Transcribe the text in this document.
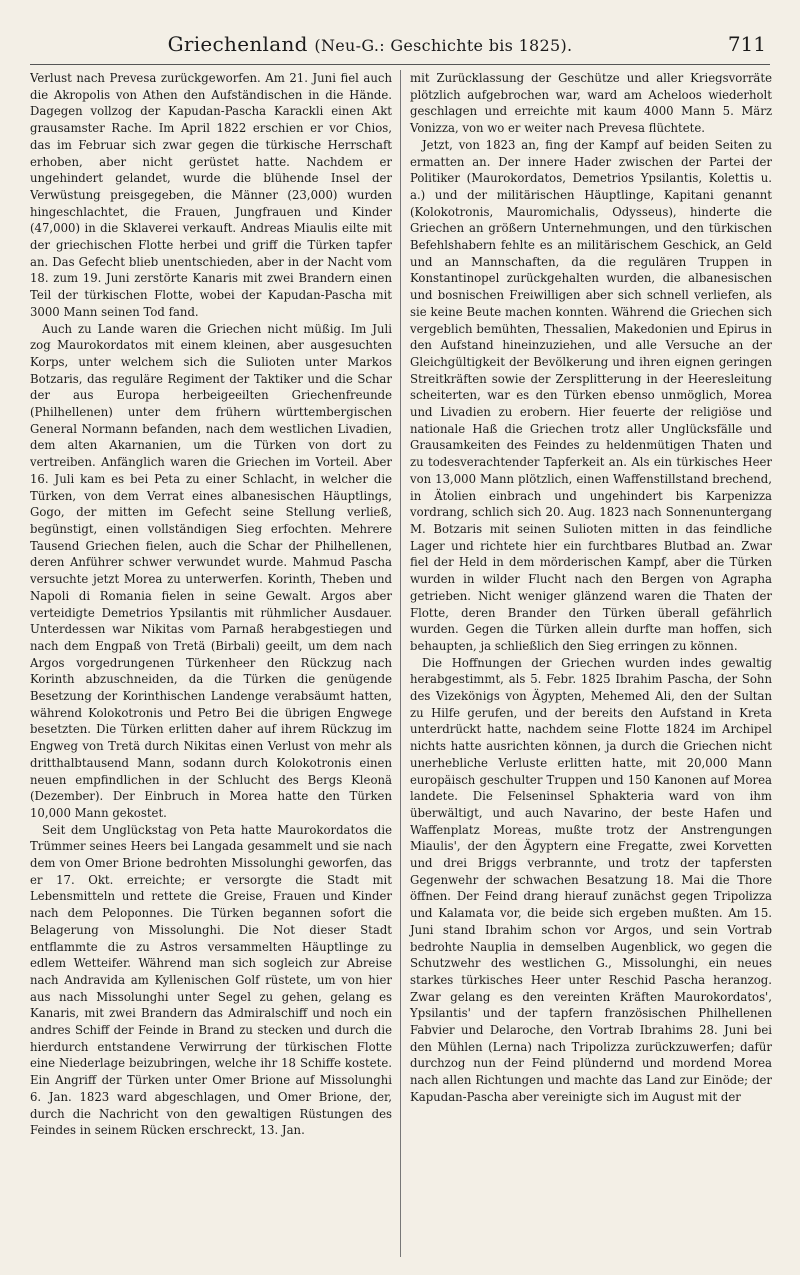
Griechenland (Neu-G.: Geschichte bis 1825).	711

Verlust nach Prevesa zurückgeworfen. Am 21. Juni fiel auch die Akropolis von Athen den Aufständischen in die Hände. Dagegen vollzog der Kapudan-Pascha Karackli einen Akt grausamster Rache. Im April 1822 erschien er vor Chios, das im Februar sich zwar gegen die türkische Herrschaft erhoben, aber nicht gerüstet hatte. Nachdem er ungehindert gelandet, wurde die blühende Insel der Verwüstung preisgegeben, die Männer (23,000) wurden hingeschlachtet, die Frauen, Jungfrauen und Kinder (47,000) in die Sklaverei verkauft. Andreas Miaulis eilte mit der griechischen Flotte herbei und griff die Türken tapfer an. Das Gefecht blieb unentschieden, aber in der Nacht vom 18. zum 19. Juni zerstörte Kanaris mit zwei Brandern einen Teil der türkischen Flotte, wobei der Kapudan-Pascha mit 3000 Mann seinen Tod fand.

Auch zu Lande waren die Griechen nicht müßig. Im Juli zog Maurokordatos mit einem kleinen, aber ausgesuchten Korps, unter welchem sich die Sulioten unter Markos Botzaris, das reguläre Regiment der Taktiker und die Schar der aus Europa herbeigeeilten Griechenfreunde (Philhellenen) unter dem frühern württembergischen General Normann befanden, nach dem westlichen Livadien, dem alten Akarnanien, um die Türken von dort zu vertreiben. Anfänglich waren die Griechen im Vorteil. Aber 16. Juli kam es bei Peta zu einer Schlacht, in welcher die Türken, von dem Verrat eines albanesischen Häuptlings, Gogo, der mitten im Gefecht seine Stellung verließ, begünstigt, einen vollständigen Sieg erfochten. Mehrere Tausend Griechen fielen, auch die Schar der Philhellenen, deren Anführer schwer verwundet wurde. Mahmud Pascha versuchte jetzt Morea zu unterwerfen. Korinth, Theben und Napoli di Romania fielen in seine Gewalt. Argos aber verteidigte Demetrios Ypsilantis mit rühmlicher Ausdauer. Unterdessen war Nikitas vom Parnaß herabgestiegen und nach dem Engpaß von Tretä (Birbali) geeilt, um dem nach Argos vorgedrungenen Türkenheer den Rückzug nach Korinth abzuschneiden, da die Türken die genügende Besetzung der Korinthischen Landenge verabsäumt hatten, während Kolokotronis und Petro Bei die übrigen Engwege besetzten. Die Türken erlitten daher auf ihrem Rückzug im Engweg von Tretä durch Nikitas einen Verlust von mehr als dritthalbtausend Mann, sodann durch Kolokotronis einen neuen empfindlichen in der Schlucht des Bergs Kleonä (Dezember). Der Einbruch in Morea hatte den Türken 10,000 Mann gekostet.

Seit dem Unglückstag von Peta hatte Maurokordatos die Trümmer seines Heers bei Langada gesammelt und sie nach dem von Omer Brione bedrohten Missolunghi geworfen, das er 17. Okt. erreichte; er versorgte die Stadt mit Lebensmitteln und rettete die Greise, Frauen und Kinder nach dem Peloponnes. Die Türken begannen sofort die Belagerung von Missolunghi. Die Not dieser Stadt entflammte die zu Astros versammelten Häuptlinge zu edlem Wetteifer. Während man sich sogleich zur Abreise nach Andravida am Kyllenischen Golf rüstete, um von hier aus nach Missolunghi unter Segel zu gehen, gelang es Kanaris, mit zwei Brandern das Admiralschiff und noch ein andres Schiff der Feinde in Brand zu stecken und durch die hierdurch entstandene Verwirrung der türkischen Flotte eine Niederlage beizubringen, welche ihr 18 Schiffe kostete. Ein Angriff der Türken unter Omer Brione auf Missolunghi 6. Jan. 1823 ward abgeschlagen, und Omer Brione, der, durch die Nachricht von den gewaltigen Rüstungen des Feindes in seinem Rücken erschreckt, 13. Jan.

mit Zurücklassung der Geschütze und aller Kriegsvorräte plötzlich aufgebrochen war, ward am Acheloos wiederholt geschlagen und erreichte mit kaum 4000 Mann 5. März Vonizza, von wo er weiter nach Prevesa flüchtete.

Jetzt, von 1823 an, fing der Kampf auf beiden Seiten zu ermatten an. Der innere Hader zwischen der Partei der Politiker (Maurokordatos, Demetrios Ypsilantis, Kolettis u. a.) und der militärischen Häuptlinge, Kapitani genannt (Kolokotronis, Mauromichalis, Odysseus), hinderte die Griechen an größern Unternehmungen, und den türkischen Befehlshabern fehlte es an militärischem Geschick, an Geld und an Mannschaften, da die regulären Truppen in Konstantinopel zurückgehalten wurden, die albanesischen und bosnischen Freiwilligen aber sich schnell verliefen, als sie keine Beute machen konnten. Während die Griechen sich vergeblich bemühten, Thessalien, Makedonien und Epirus in den Aufstand hineinzuziehen, und alle Versuche an der Gleichgültigkeit der Bevölkerung und ihren eignen geringen Streitkräften sowie der Zersplitterung in der Heeresleitung scheiterten, war es den Türken ebenso unmöglich, Morea und Livadien zu erobern. Hier feuerte der religiöse und nationale Haß die Griechen trotz aller Unglücksfälle und Grausamkeiten des Feindes zu heldenmütigen Thaten und zu todesverachtender Tapferkeit an. Als ein türkisches Heer von 13,000 Mann plötzlich, einen Waffenstillstand brechend, in Ätolien einbrach und ungehindert bis Karpenizza vordrang, schlich sich 20. Aug. 1823 nach Sonnenuntergang M. Botzaris mit seinen Sulioten mitten in das feindliche Lager und richtete hier ein furchtbares Blutbad an. Zwar fiel der Held in dem mörderischen Kampf, aber die Türken wurden in wilder Flucht nach den Bergen von Agrapha getrieben. Nicht weniger glänzend waren die Thaten der Flotte, deren Brander den Türken überall gefährlich wurden. Gegen die Türken allein durfte man hoffen, sich behaupten, ja schließlich den Sieg erringen zu können.

Die Hoffnungen der Griechen wurden indes gewaltig herabgestimmt, als 5. Febr. 1825 Ibrahim Pascha, der Sohn des Vizekönigs von Ägypten, Mehemed Ali, den der Sultan zu Hilfe gerufen, und der bereits den Aufstand in Kreta unterdrückt hatte, nachdem seine Flotte 1824 im Archipel nichts hatte ausrichten können, ja durch die Griechen nicht unerhebliche Verluste erlitten hatte, mit 20,000 Mann europäisch geschulter Truppen und 150 Kanonen auf Morea landete. Die Felseninsel Sphakteria ward von ihm überwältigt, und auch Navarino, der beste Hafen und Waffenplatz Moreas, mußte trotz der Anstrengungen Miaulis', der den Ägyptern eine Fregatte, zwei Korvetten und drei Briggs verbrannte, und trotz der tapfersten Gegenwehr der schwachen Besatzung 18. Mai die Thore öffnen. Der Feind drang hierauf zunächst gegen Tripolizza und Kalamata vor, die beide sich ergeben mußten. Am 15. Juni stand Ibrahim schon vor Argos, und sein Vortrab bedrohte Nauplia in demselben Augenblick, wo gegen die Schutzwehr des westlichen G., Missolunghi, ein neues starkes türkisches Heer unter Reschid Pascha heranzog. Zwar gelang es den vereinten Kräften Maurokordatos', Ypsilantis' und der tapfern französischen Philhellenen Fabvier und Delaroche, den Vortrab Ibrahims 28. Juni bei den Mühlen (Lerna) nach Tripolizza zurückzuwerfen; dafür durchzog nun der Feind plündernd und mordend Morea nach allen Richtungen und machte das Land zur Einöde; der Kapudan-Pascha aber vereinigte sich im August mit der
